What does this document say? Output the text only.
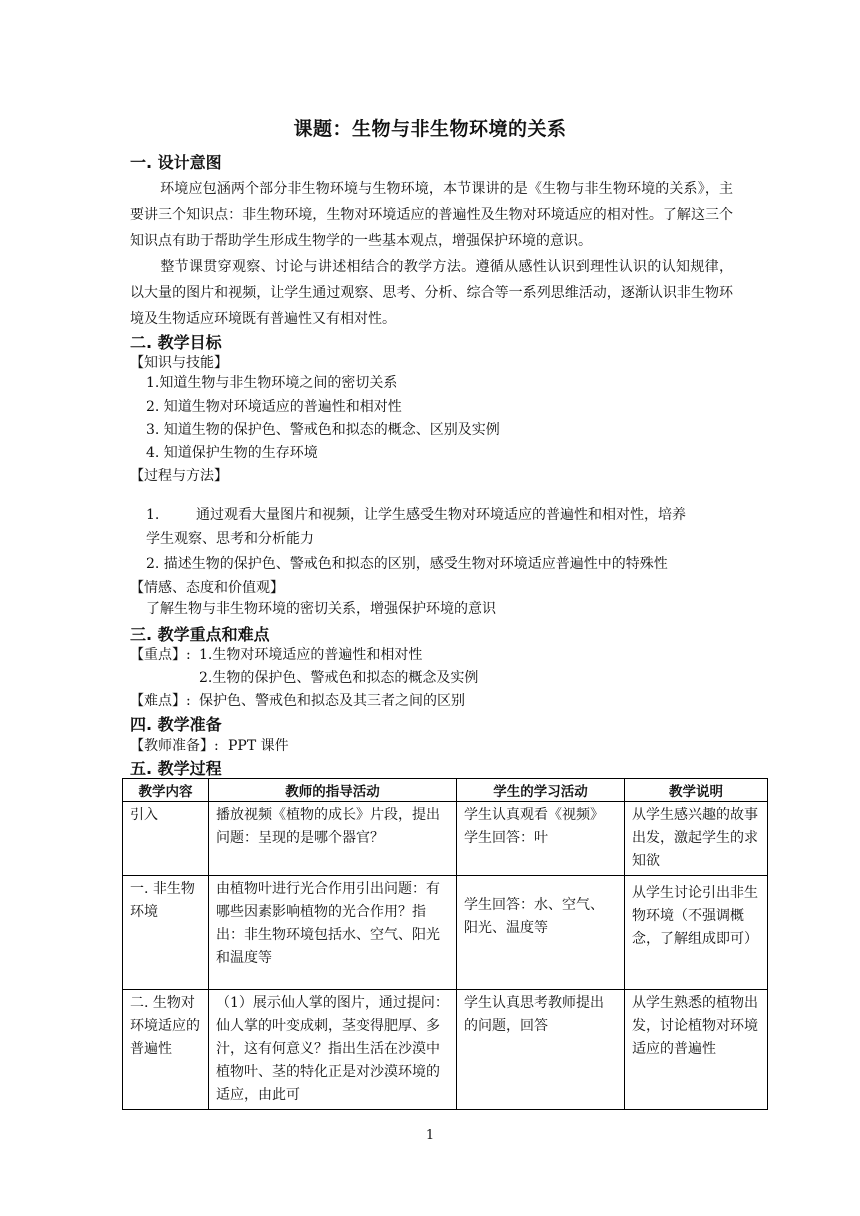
课题：生物与非生物环境的关系
一. 设计意图
环境应包涵两个部分非生物环境与生物环境，本节课讲的是《生物与非生物环境的关系》，主要讲三个知识点：非生物环境，生物对环境适应的普遍性及生物对环境适应的相对性。了解这三个知识点有助于帮助学生形成生物学的一些基本观点，增强保护环境的意识。
整节课贯穿观察、讨论与讲述相结合的教学方法。遵循从感性认识到理性认识的认知规律，以大量的图片和视频，让学生通过观察、思考、分析、综合等一系列思维活动，逐渐认识非生物环境及生物适应环境既有普遍性又有相对性。
二. 教学目标
【知识与技能】
1.知道生物与非生物环境之间的密切关系
2. 知道生物对环境适应的普遍性和相对性
3. 知道生物的保护色、警戒色和拟态的概念、区别及实例
4. 知道保护生物的生存环境
【过程与方法】
1.	通过观看大量图片和视频，让学生感受生物对环境适应的普遍性和相对性，培养
学生观察、思考和分析能力
2. 描述生物的保护色、警戒色和拟态的区别，感受生物对环境适应普遍性中的特殊性
【情感、态度和价值观】
了解生物与非生物环境的密切关系，增强保护环境的意识
三. 教学重点和难点
【重点】: 1.生物对环境适应的普遍性和相对性
2.生物的保护色、警戒色和拟态的概念及实例
【难点】: 保护色、警戒色和拟态及其三者之间的区别
四. 教学准备
【教师准备】: PPT 课件
五. 教学过程
教学内容	教师的指导活动	学生的学习活动	教学说明
引入	播放视频《植物的成长》片段，提出问题：呈现的是哪个器官？	学生认真观看《视频》学生回答：叶	从学生感兴趣的故事出发，激起学生的求知欲
一. 非生物环境	由植物叶进行光合作用引出问题：有哪些因素影响植物的光合作用？指出：非生物环境包括水、空气、阳光和温度等	学生回答：水、空气、阳光、温度等	从学生讨论引出非生物环境（不强调概念，了解组成即可）
二. 生物对环境适应的普遍性	（1）展示仙人掌的图片，通过提问：仙人掌的叶变成刺，茎变得肥厚、多汁，这有何意义？指出生活在沙漠中植物叶、茎的特化正是对沙漠环境的适应，由此可	学生认真思考教师提出的问题，回答	从学生熟悉的植物出发，讨论植物对环境适应的普遍性
1
